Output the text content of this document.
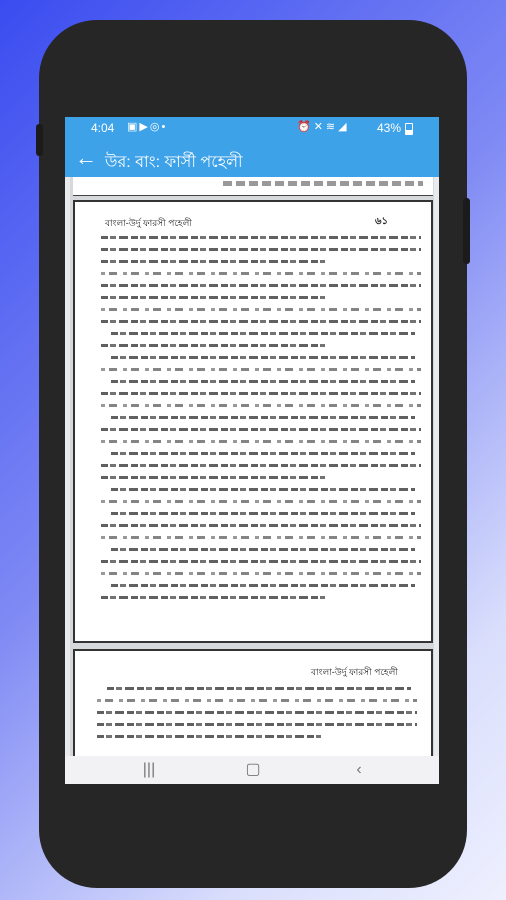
4:04 ▣▶◎•	⏰✕≋◢ 43%
← উর: বাং: ফার্সী পহেলী
বাংলা-উর্দু ফারসী পহেলী	৬১
বাংলা-উর্দু ফারসী পহেলী
|||	▢	‹
